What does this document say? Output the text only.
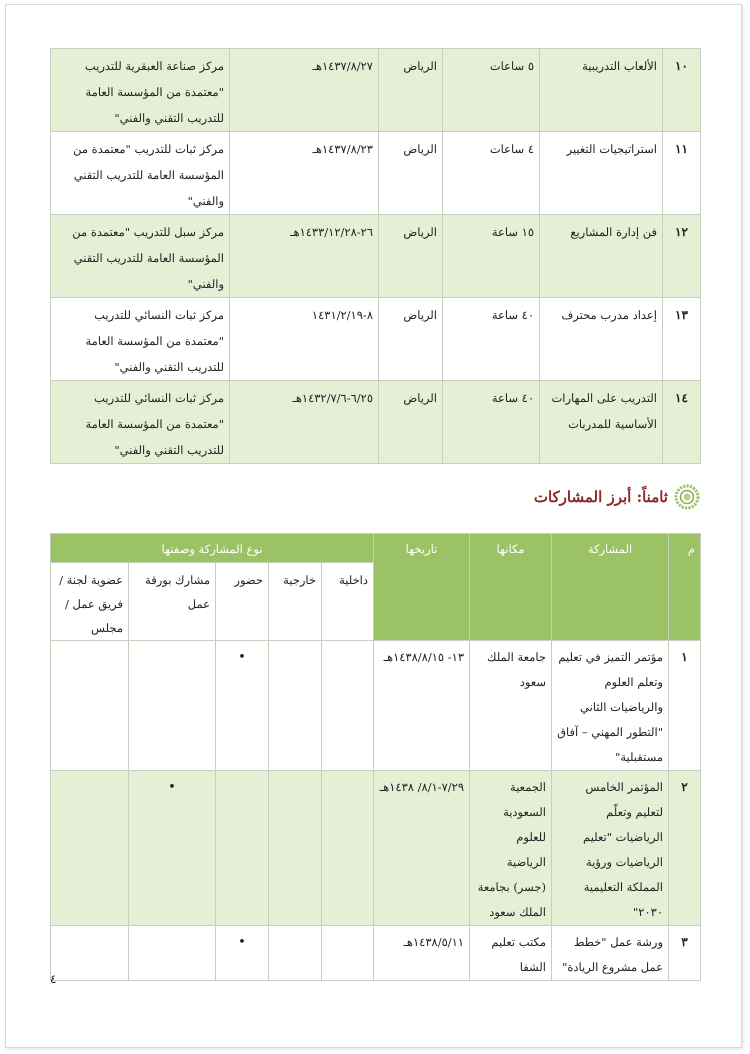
١٠	الألعاب التدريبية	٥ ساعات	الرياض	١٤٣٧/٨/٢٧هـ	مركز صناعة العبقرية للتدريب "معتمدة من المؤسسة العامة للتدريب التقني والفني"
١١	استراتيجيات التغيير	٤ ساعات	الرياض	١٤٣٧/٨/٢٣هـ	مركز ثبات للتدريب "معتمدة من المؤسسة العامة للتدريب التقني والفني"
١٢	فن إدارة المشاريع	١٥ ساعة	الرياض	٢٦-١٤٣٣/١٢/٢٨هـ	مركز سبل للتدريب "معتمدة من المؤسسة العامة للتدريب التقني والفني"
١٣	إعداد مدرب محترف	٤٠ ساعة	الرياض	٨-١٤٣١/٢/١٩	مركز ثبات النسائي للتدريب "معتمدة من المؤسسة العامة للتدريب التقني والفني"
١٤	التدريب على المهارات الأساسية للمدربات	٤٠ ساعة	الرياض	٦/٢٥-١٤٣٢/٧/٦هـ	مركز ثبات النسائي للتدريب "معتمدة من المؤسسة العامة للتدريب التقني والفني"
ثامناً: أبرز المشاركات
م	المشاركة	مكانها	تاريخها	نوع المشاركة وصفتها				
				داخلية	خارجية	حضور	مشارك بورقة عمل	عضوية لجنة / فريق عمل / مجلس
١	مؤتمر التميز في تعليم وتعلم العلوم والرياضيات الثاني "التطور المهني – آفاق مستقبلية"	جامعة الملك سعود	١٣- ١٤٣٨/٨/١٥هـ			•		
٢	المؤتمر الخامس لتعليم وتعلّم الرياضيات "تعليم الرياضيات ورؤية المملكة التعليمية ٢٠٣٠"	الجمعية السعودية للعلوم الرياضية (جسر) بجامعة الملك سعود	٧/٢٩-٨/١/ ١٤٣٨هـ				•	
٣	ورشة عمل "خطط عمل مشروع الريادة"	مكتب تعليم الشفا	١٤٣٨/٥/١١هـ			•		
٤
